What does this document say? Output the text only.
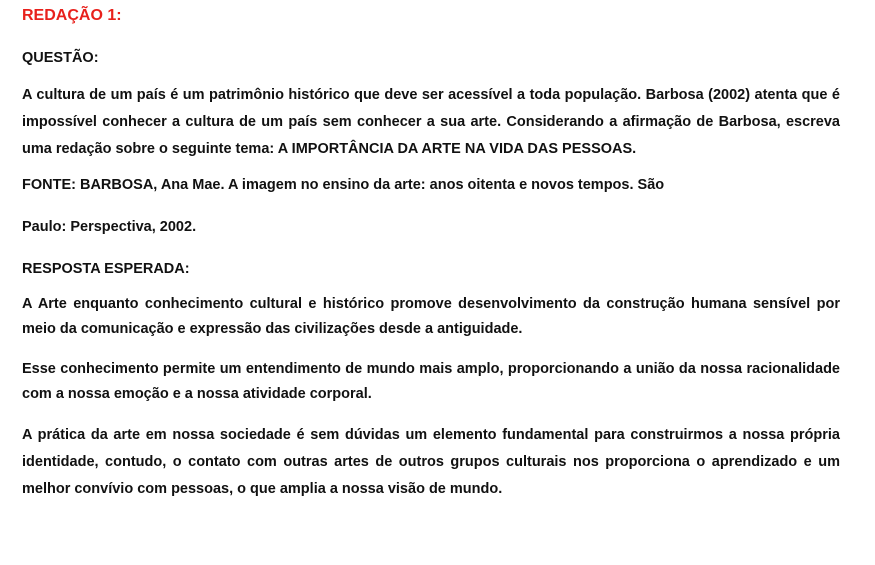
REDAÇÃO 1:
QUESTÃO:
A cultura de um país é um patrimônio histórico que deve ser acessível a toda população. Barbosa (2002) atenta que é impossível conhecer a cultura de um país sem conhecer a sua arte. Considerando a afirmação de Barbosa, escreva uma redação sobre o seguinte tema: A IMPORTÂNCIA DA ARTE NA VIDA DAS PESSOAS.
FONTE: BARBOSA, Ana Mae. A imagem no ensino da arte: anos oitenta e novos tempos. São
Paulo: Perspectiva, 2002.
RESPOSTA ESPERADA:
A Arte enquanto conhecimento cultural e histórico promove desenvolvimento da construção humana sensível por meio da comunicação e expressão das civilizações desde a antiguidade.
Esse conhecimento permite um entendimento de mundo mais amplo, proporcionando a união da nossa racionalidade com a nossa emoção e a nossa atividade corporal.
A prática da arte em nossa sociedade é sem dúvidas um elemento fundamental para construirmos a nossa própria identidade, contudo, o contato com outras artes de outros grupos culturais nos proporciona o aprendizado e um melhor convívio com pessoas, o que amplia a nossa visão de mundo.
